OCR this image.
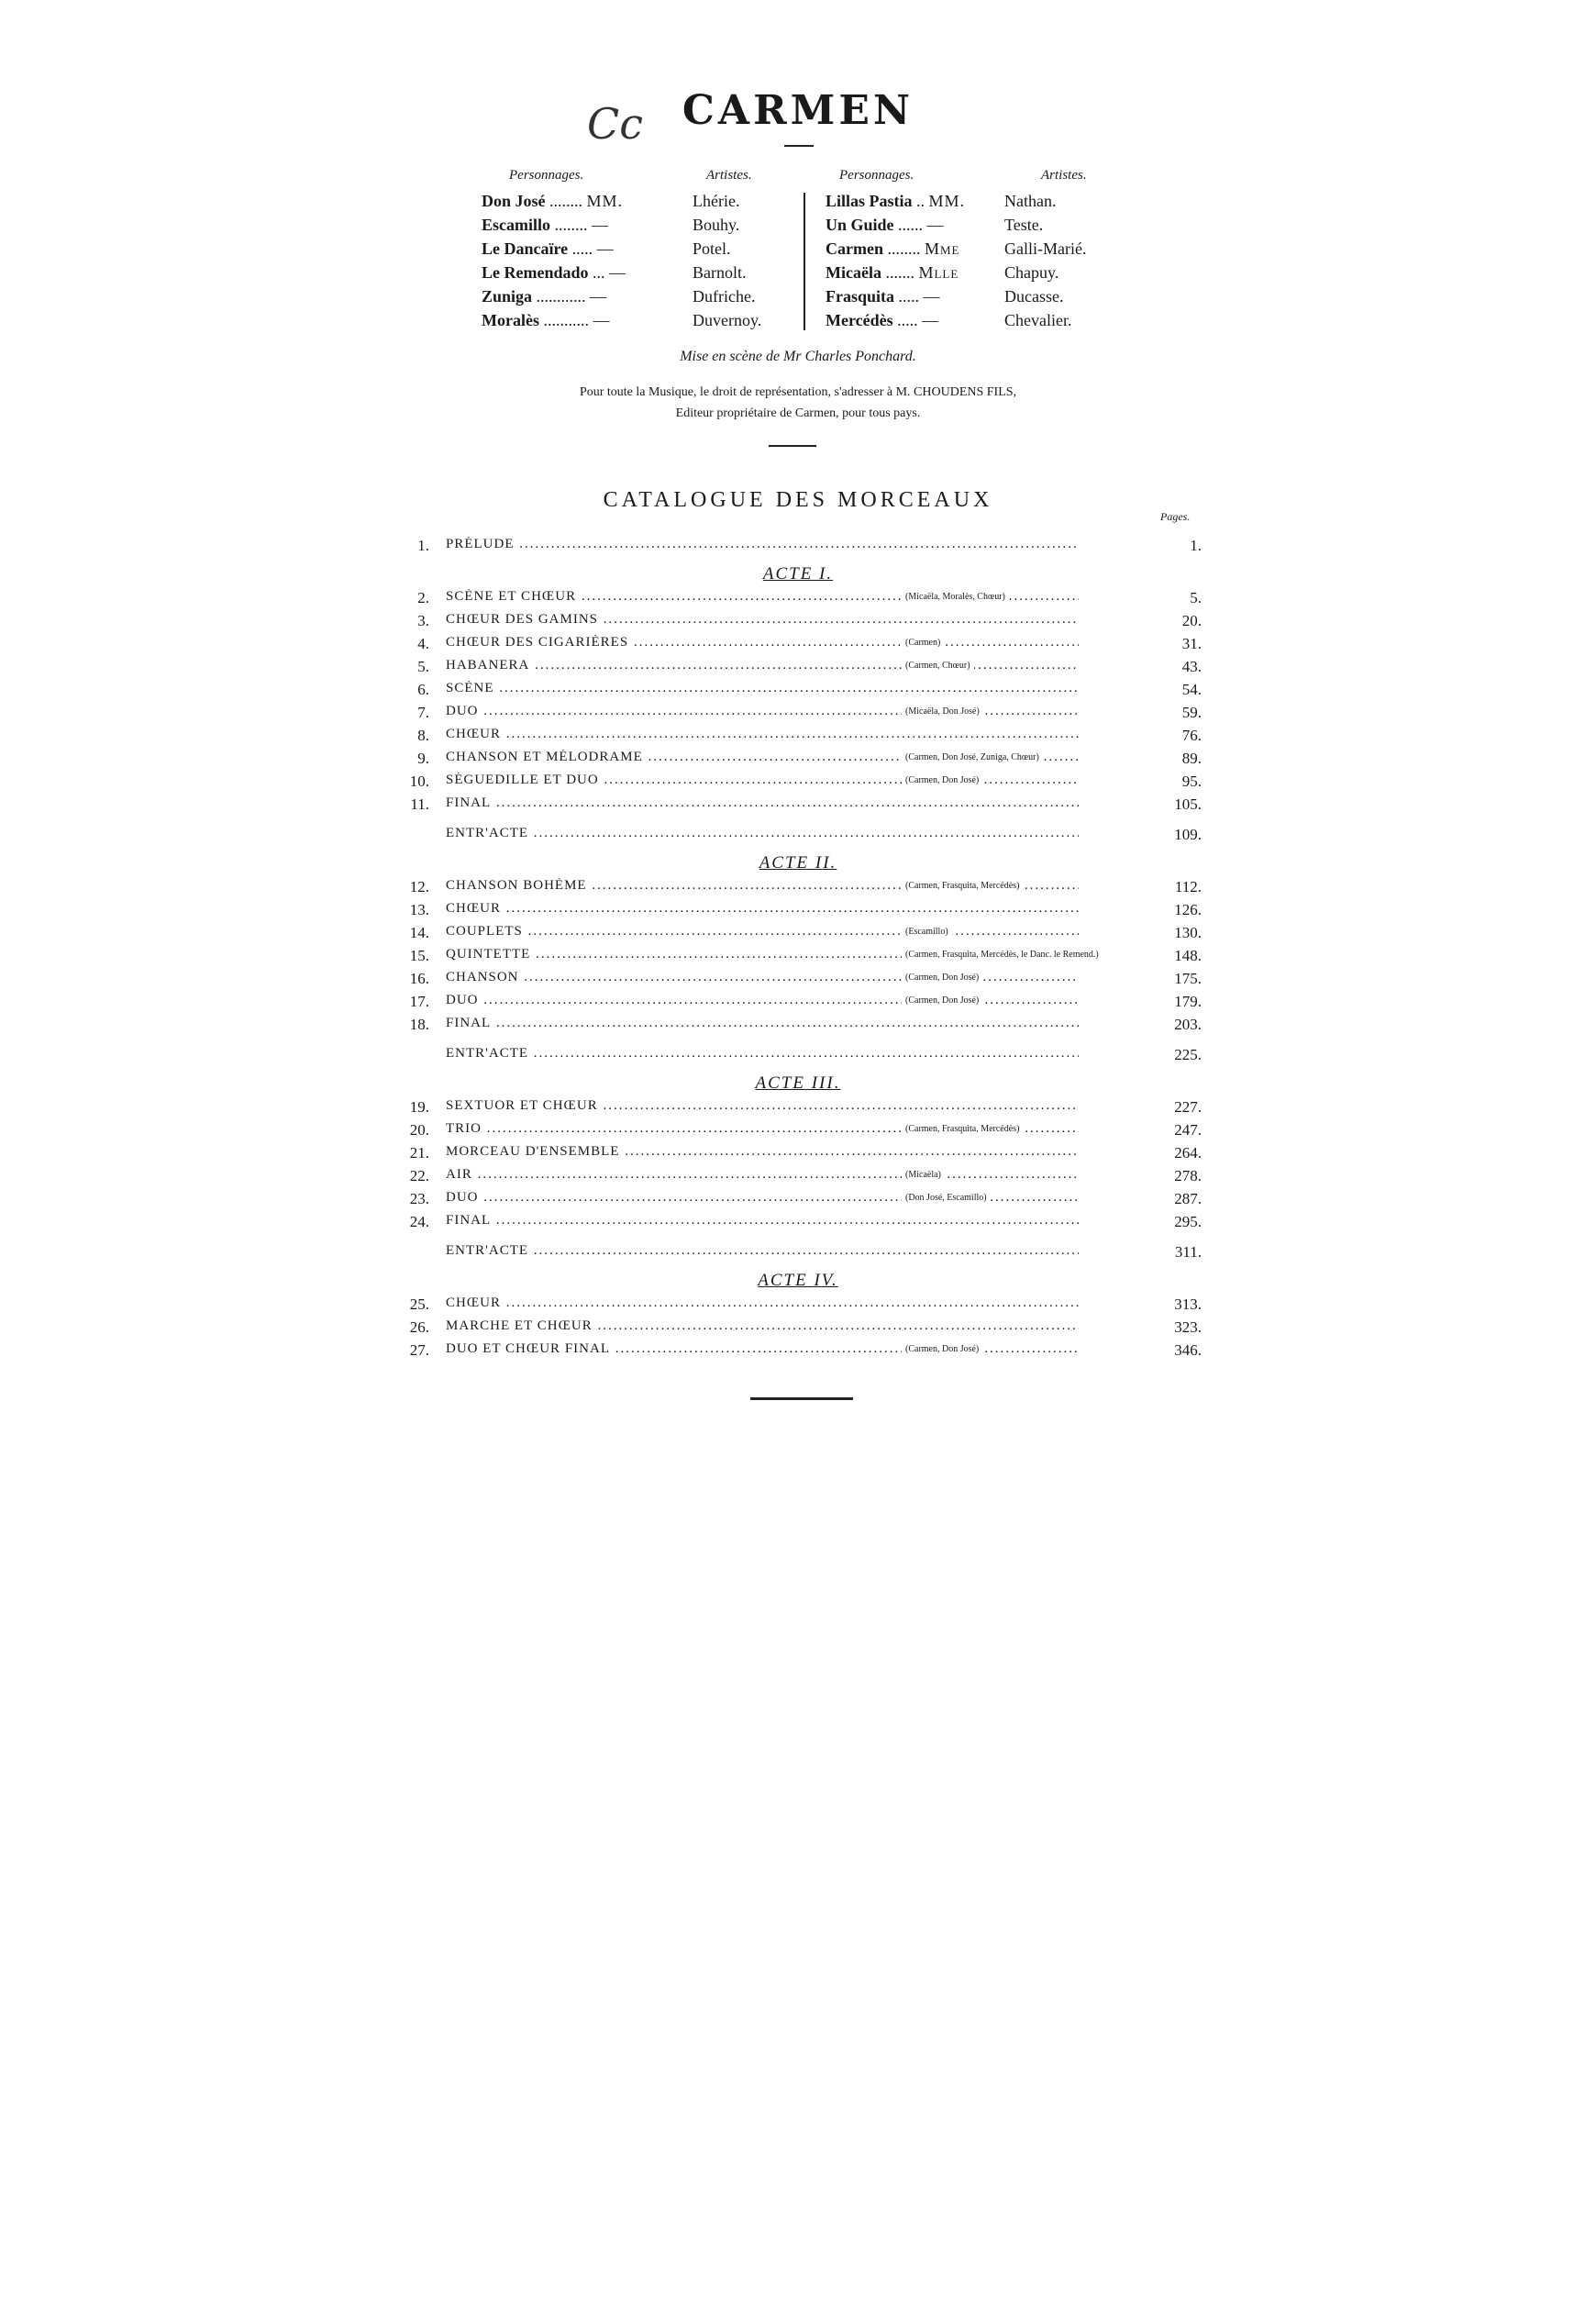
Cc CARMEN
Personnages.	Artistes.	Personnages.	Artistes.
Don José ........ MM.	Lhérie.
Escamillo ........ —	Bouhy.
Le Dancaïre ..... —	Potel.
Le Remendado ... —	Barnolt.
Zuniga ............ —	Dufriche.
Moralès ........... —	Duvernoy.
Lillas Pastia .. MM. Nathan.
Un Guide ...... —	Teste.
Carmen ........ Mme	Galli-Marié.
Micaëla ....... Mlle	Chapuy.
Frasquita ..... —	Ducasse.
Mercédès ..... —	Chevalier.
Mise en scène de Mr Charles Ponchard.
Pour toute la Musique, le droit de représentation, s'adresser à M. CHOUDENS FILS,
Editeur propriétaire de Carmen, pour tous pays.
CATALOGUE DES MORCEAUX
Pages.
1. PRÉLUDE .....	1.
ACTE I.
2. SCÈNE ET CHŒUR .....	(Micaëla, Moralès, Chœur)	5.
3. CHŒUR DES GAMINS .....	20.
4. CHŒUR DES CIGARIÈRES .....	(Carmen)	31.
5. HABANERA .....	(Carmen, Chœur)	43.
6. SCÈNE .....	54.
7. DUO .....	(Micaëla, Don José)	59.
8. CHŒUR .....	76.
9. CHANSON ET MÉLODRAME .....	(Carmen, Don José, Zuniga, Chœur)	89.
10. SÉGUEDILLE ET DUO .....	(Carmen, Don José)	95.
11. FINAL .....	105.
ENTR'ACTE .....	109.
ACTE II.
12. CHANSON BOHÈME .....	(Carmen, Frasquita, Mercédès)	112.
13. CHŒUR .....	126.
14. COUPLETS .....	(Escamillo)	130.
15. QUINTETTE .....	(Carmen, Frasquita, Mercédès, le Danc. le Remend.)	148.
16. CHANSON .....	(Carmen, Don José)	175.
17. DUO .....	(Carmen, Don José)	179.
18. FINAL .....	203.
ENTR'ACTE .....	225.
ACTE III.
19. SEXTUOR ET CHŒUR .....	227.
20. TRIO .....	(Carmen, Frasquita, Mercédès)	247.
21. MORCEAU D'ENSEMBLE .....	264.
22. AIR .....	(Micaëla)	278.
23. DUO .....	(Don José, Escamillo)	287.
24. FINAL .....	295.
ENTR'ACTE .....	311.
ACTE IV.
25. CHŒUR .....	313.
26. MARCHE ET CHŒUR .....	323.
27. DUO ET CHŒUR FINAL .....	(Carmen, Don José)	346.
